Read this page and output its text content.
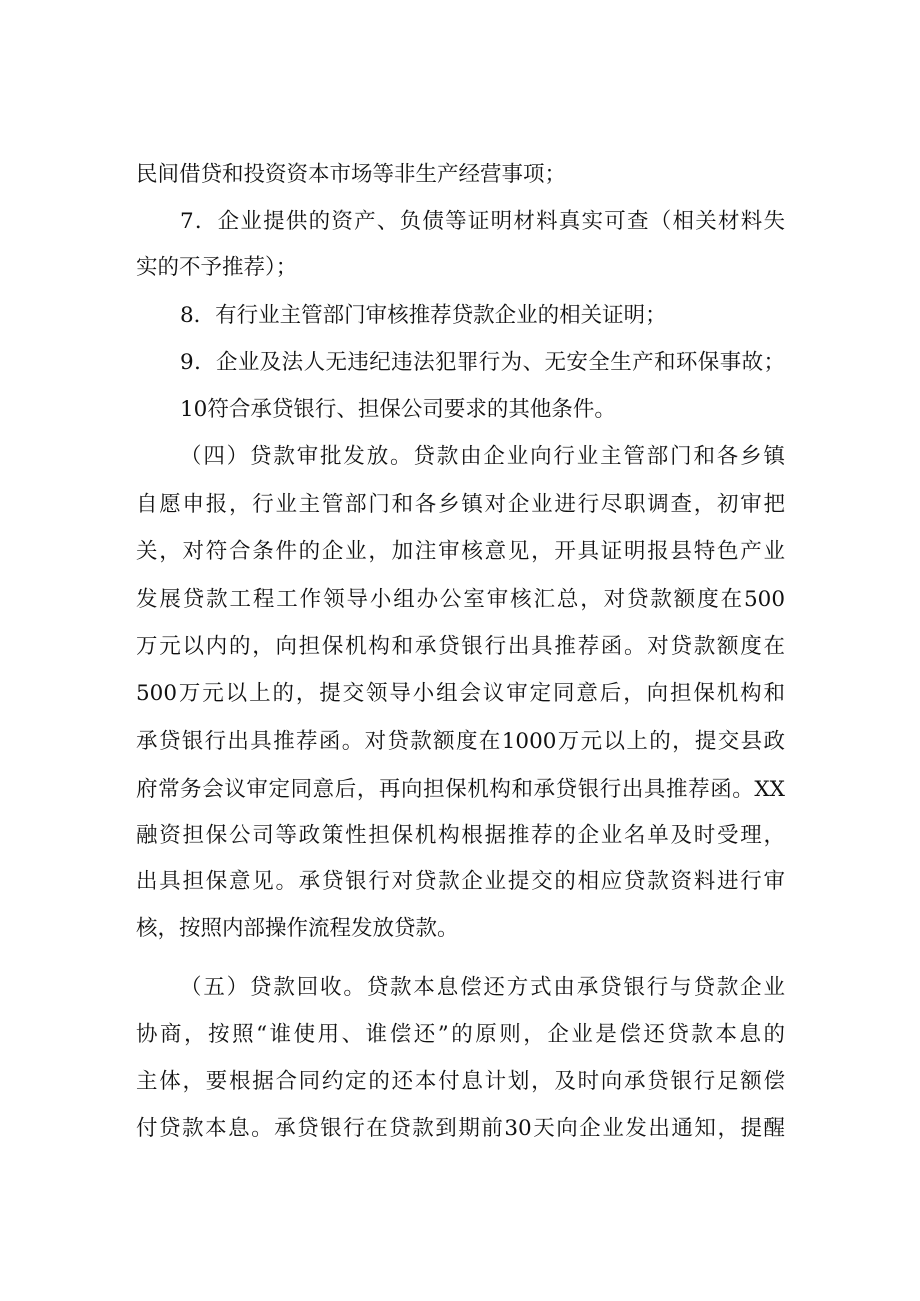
民间借贷和投资资本市场等非生产经营事项；
7．企业提供的资产、负债等证明材料真实可查（相关材料失
实的不予推荐）；
8．有行业主管部门审核推荐贷款企业的相关证明；
9．企业及法人无违纪违法犯罪行为、无安全生产和环保事故；
10符合承贷银行、担保公司要求的其他条件。
（四）贷款审批发放。贷款由企业向行业主管部门和各乡镇
自愿申报，行业主管部门和各乡镇对企业进行尽职调查，初审把
关，对符合条件的企业，加注审核意见，开具证明报县特色产业
发展贷款工程工作领导小组办公室审核汇总，对贷款额度在500
万元以内的，向担保机构和承贷银行出具推荐函。对贷款额度在
500万元以上的，提交领导小组会议审定同意后，向担保机构和
承贷银行出具推荐函。对贷款额度在1000万元以上的，提交县政
府常务会议审定同意后，再向担保机构和承贷银行出具推荐函。XX
融资担保公司等政策性担保机构根据推荐的企业名单及时受理，
出具担保意见。承贷银行对贷款企业提交的相应贷款资料进行审
核，按照内部操作流程发放贷款。
（五）贷款回收。贷款本息偿还方式由承贷银行与贷款企业
协商，按照“谁使用、谁偿还”的原则，企业是偿还贷款本息的
主体，要根据合同约定的还本付息计划，及时向承贷银行足额偿
付贷款本息。承贷银行在贷款到期前30天向企业发出通知，提醒
